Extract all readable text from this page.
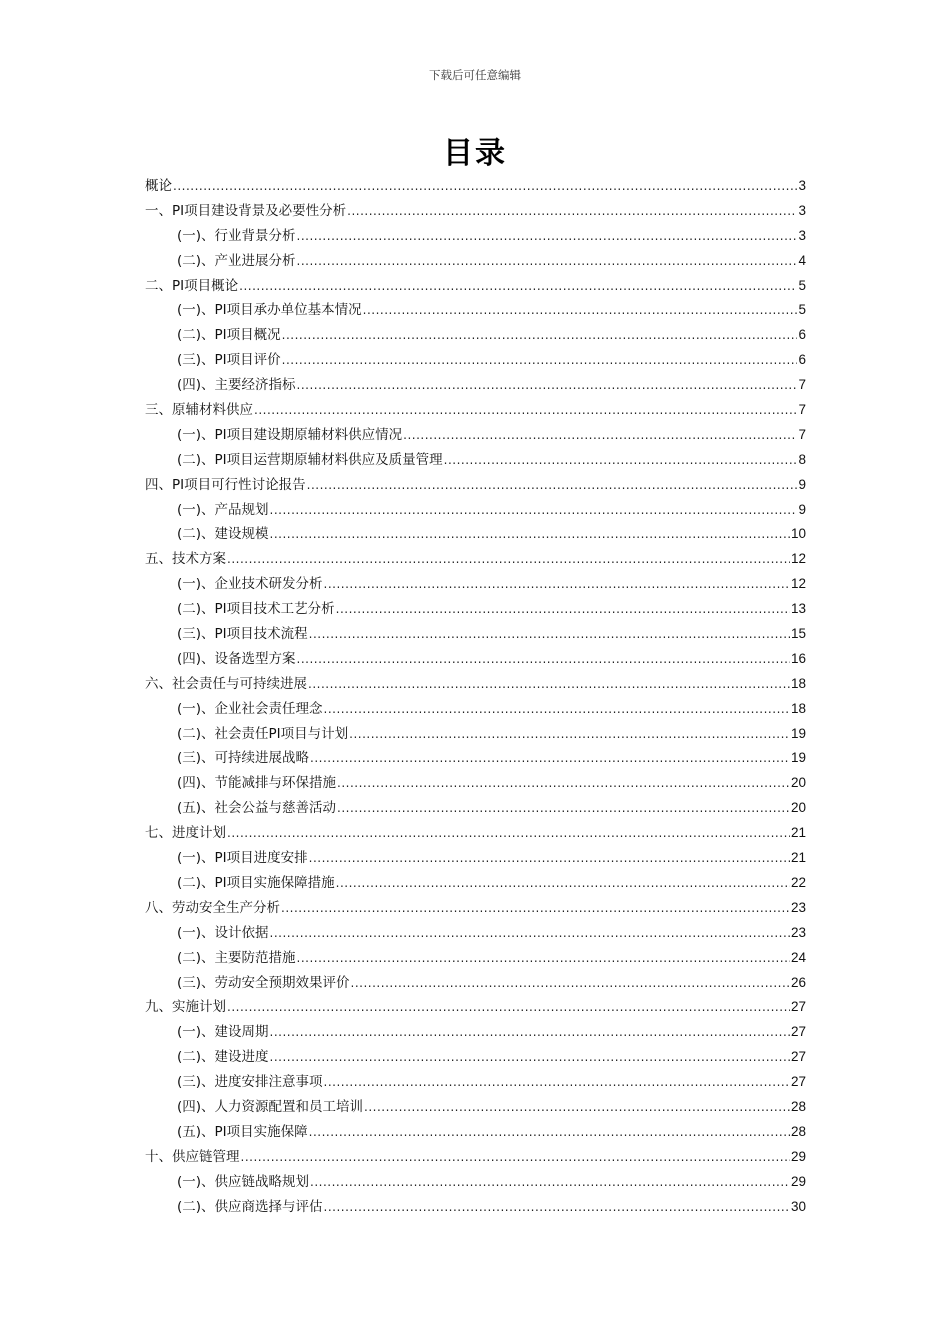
下载后可任意编辑
目录
概论 .....	3
一、PI项目建设背景及必要性分析 .....	3
(一)、行业背景分析 .....	3
(二)、产业进展分析 .....	4
二、PI项目概论 .....	5
(一)、PI项目承办单位基本情况 .....	5
(二)、PI项目概况 .....	6
(三)、PI项目评价 .....	6
(四)、主要经济指标 .....	7
三、原辅材料供应 .....	7
(一)、PI项目建设期原辅材料供应情况 .....	7
(二)、PI项目运营期原辅材料供应及质量管理 .....	8
四、PI项目可行性讨论报告 .....	9
(一)、产品规划 .....	9
(二)、建设规模 .....	10
五、技术方案 .....	12
(一)、企业技术研发分析 .....	12
(二)、PI项目技术工艺分析 .....	13
(三)、PI项目技术流程 .....	15
(四)、设备选型方案 .....	16
六、社会责任与可持续进展 .....	18
(一)、企业社会责任理念 .....	18
(二)、社会责任PI项目与计划 .....	19
(三)、可持续进展战略 .....	19
(四)、节能减排与环保措施 .....	20
(五)、社会公益与慈善活动 .....	20
七、进度计划 .....	21
(一)、PI项目进度安排 .....	21
(二)、PI项目实施保障措施 .....	22
八、劳动安全生产分析 .....	23
(一)、设计依据 .....	23
(二)、主要防范措施 .....	24
(三)、劳动安全预期效果评价 .....	26
九、实施计划 .....	27
(一)、建设周期 .....	27
(二)、建设进度 .....	27
(三)、进度安排注意事项 .....	27
(四)、人力资源配置和员工培训 .....	28
(五)、PI项目实施保障 .....	28
十、供应链管理 .....	29
(一)、供应链战略规划 .....	29
(二)、供应商选择与评估 .....	30
